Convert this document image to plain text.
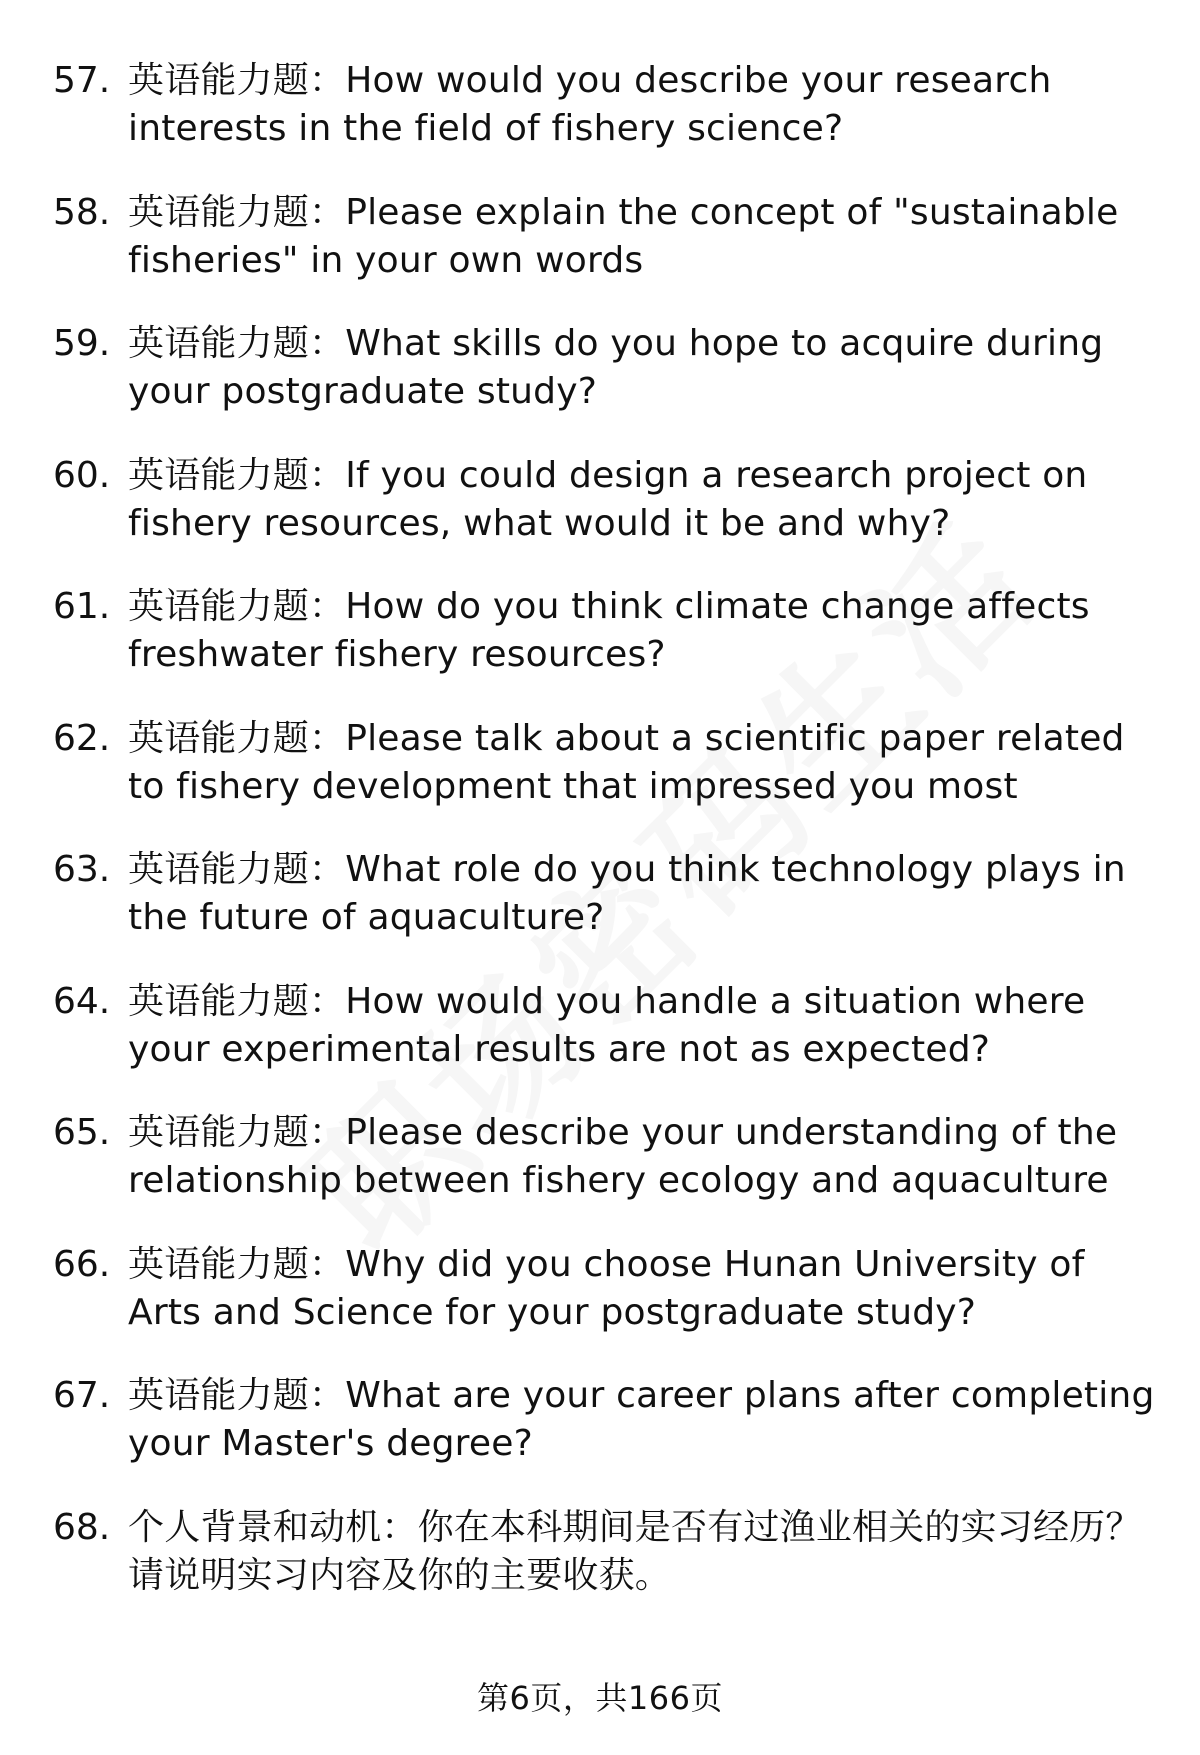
57. 英语能力题：How would you describe your research interests in the field of fishery science?
58. 英语能力题：Please explain the concept of "sustainable fisheries" in your own words
59. 英语能力题：What skills do you hope to acquire during your postgraduate study?
60. 英语能力题：If you could design a research project on fishery resources, what would it be and why?
61. 英语能力题：How do you think climate change affects freshwater fishery resources?
62. 英语能力题：Please talk about a scientific paper related to fishery development that impressed you most
63. 英语能力题：What role do you think technology plays in the future of aquaculture?
64. 英语能力题：How would you handle a situation where your experimental results are not as expected?
65. 英语能力题：Please describe your understanding of the relationship between fishery ecology and aquaculture
66. 英语能力题：Why did you choose Hunan University of Arts and Science for your postgraduate study?
67. 英语能力题：What are your career plans after completing your Master's degree?
68. 个人背景和动机：你在本科期间是否有过渔业相关的实习经历？请说明实习内容及你的主要收获。
第6页，共166页
